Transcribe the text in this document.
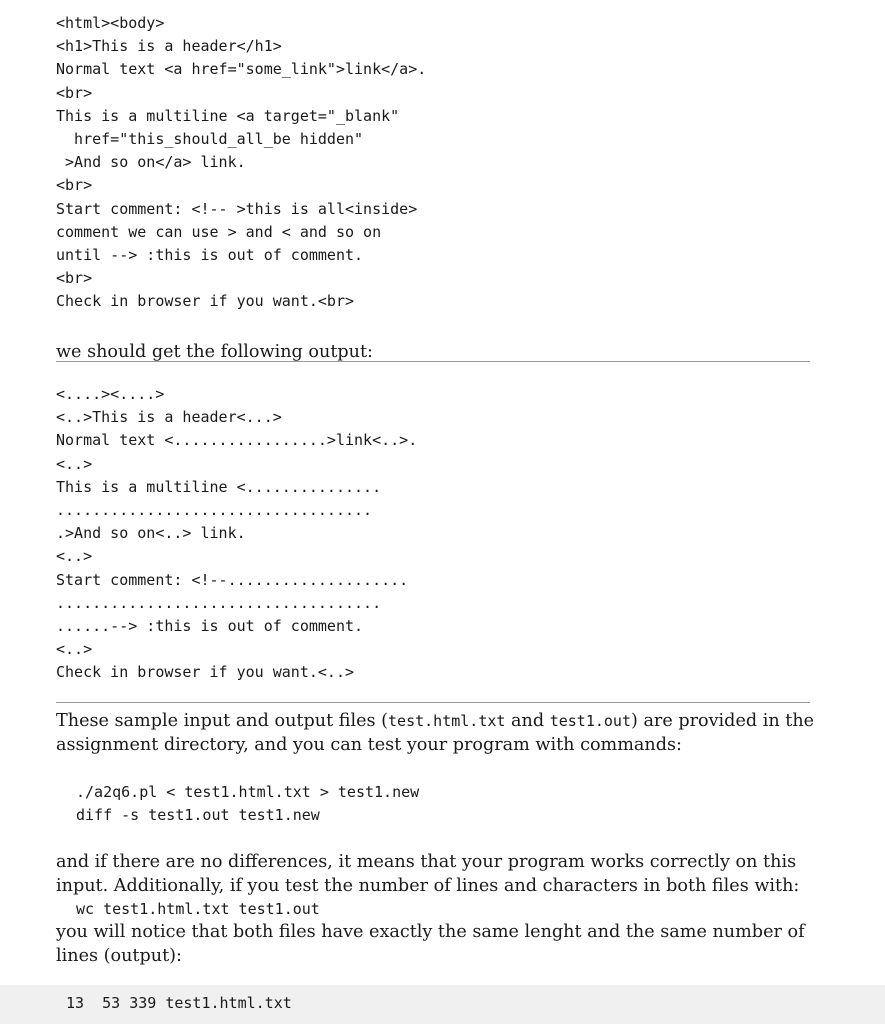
<html><body>
<h1>This is a header</h1>
Normal text <a href="some_link">link</a>.
<br>
This is a multiline <a target="_blank"
href="this_should_all_be hidden"
>And so on</a> link.
<br>
Start comment: <!-- >this is all<inside>
comment we can use > and < and so on
until --> :this is out of comment.
<br>
Check in browser if you want.<br>

we should get the following output:

<....><....>
<..>This is a header<...>
Normal text <.................>link<..>.
<..>
This is a multiline <...............
...................................
.>And so on<..> link.
<..>
Start comment: <!--....................
....................................
......--> :this is out of comment.
<..>
Check in browser if you want.<..>

These sample input and output files (test.html.txt and test1.out) are provided in the assignment directory, and you can test your program with commands:

./a2q6.pl < test1.html.txt > test1.new
diff -s test1.out test1.new

and if there are no differences, it means that your program works correctly on this input. Additionally, if you test the number of lines and characters in both files with:

wc test1.html.txt test1.out

you will notice that both files have exactly the same lenght and the same number of lines (output):

13  53 339 test1.html.txt
